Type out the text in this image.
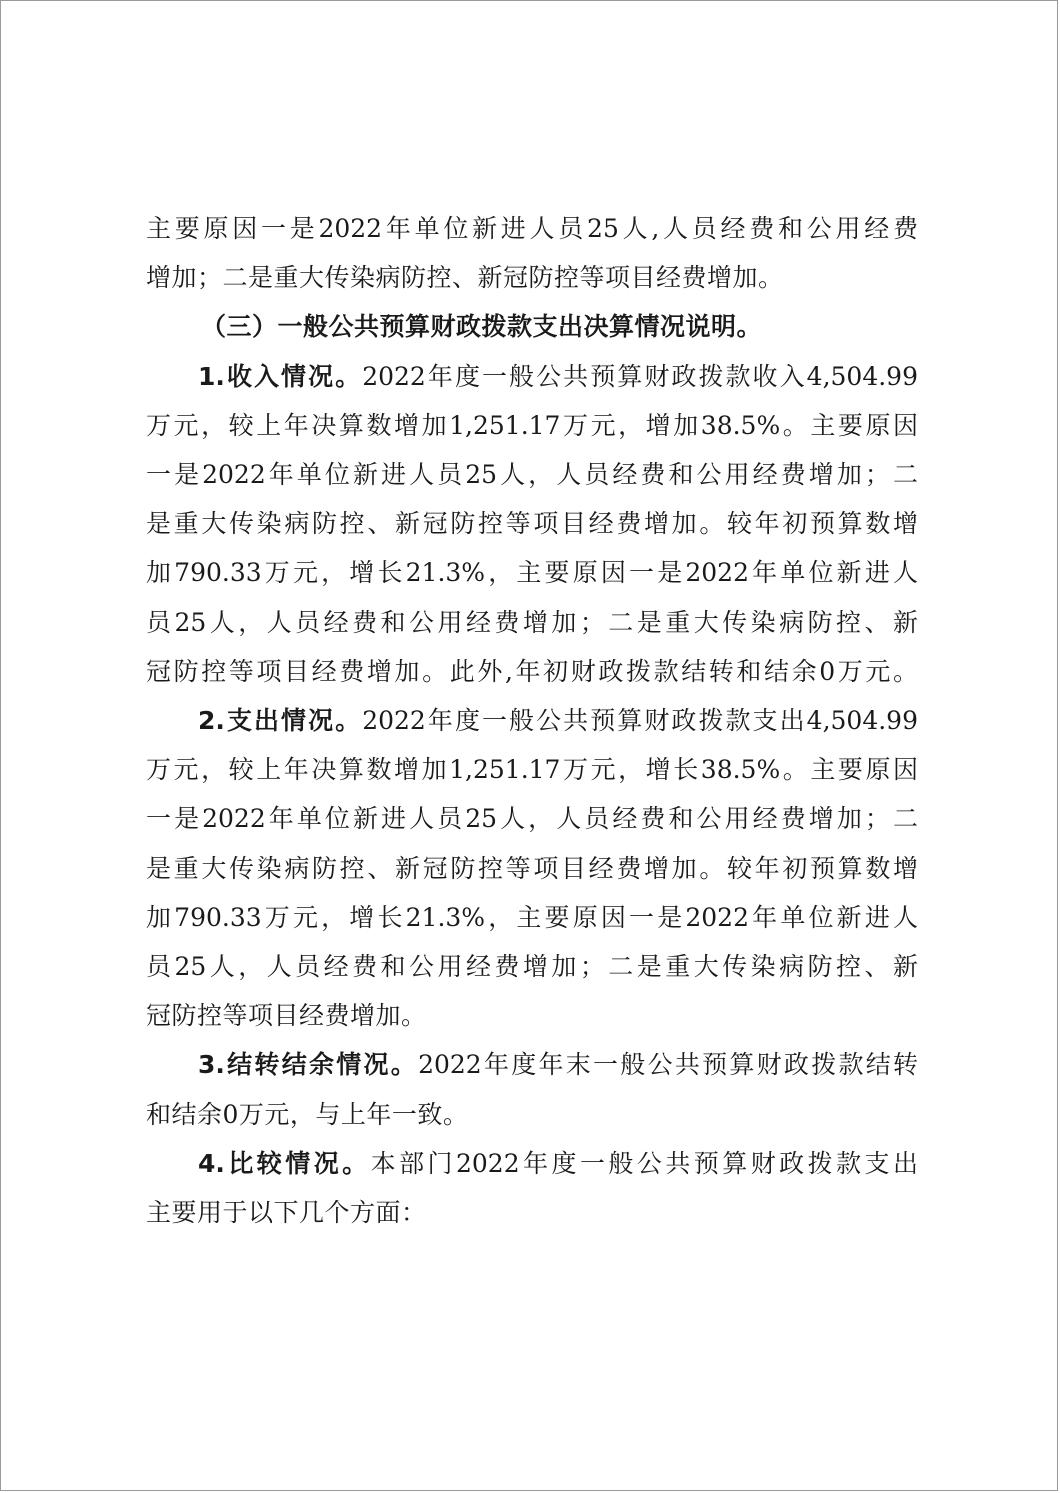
主要原因一是2022年单位新进人员25人,人员经费和公用经费
增加；二是重大传染病防控、新冠防控等项目经费增加。

（三）一般公共预算财政拨款支出决算情况说明。

1.收入情况。2022年度一般公共预算财政拨款收入4,504.99
万元，较上年决算数增加1,251.17万元，增加38.5%。主要原因
一是2022年单位新进人员25人，人员经费和公用经费增加；二
是重大传染病防控、新冠防控等项目经费增加。较年初预算数增
加790.33万元，增长21.3%，主要原因一是2022年单位新进人
员25人，人员经费和公用经费增加；二是重大传染病防控、新
冠防控等项目经费增加。此外,年初财政拨款结转和结余0万元。

2.支出情况。2022年度一般公共预算财政拨款支出4,504.99
万元，较上年决算数增加1,251.17万元，增长38.5%。主要原因
一是2022年单位新进人员25人，人员经费和公用经费增加；二
是重大传染病防控、新冠防控等项目经费增加。较年初预算数增
加790.33万元，增长21.3%，主要原因一是2022年单位新进人
员25人，人员经费和公用经费增加；二是重大传染病防控、新
冠防控等项目经费增加。

3.结转结余情况。2022年度年末一般公共预算财政拨款结转
和结余0万元，与上年一致。

4.比较情况。本部门2022年度一般公共预算财政拨款支出
主要用于以下几个方面：
